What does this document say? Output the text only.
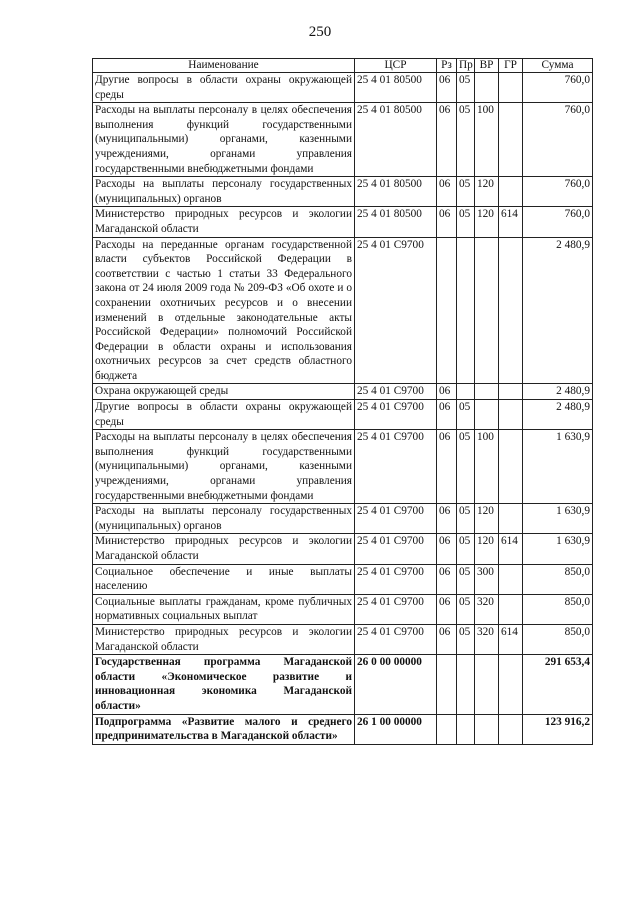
250
Наименование	ЦСР	Рз	Пр	ВР	ГР	Сумма
Другие вопросы в области охраны окружающей среды	25 4 01 80500	06	05			760,0
Расходы на выплаты персоналу в целях обеспечения выполнения функций государственными (муниципальными) органами, казенными учреждениями, органами управления государственными внебюджетными фондами	25 4 01 80500	06	05	100		760,0
Расходы на выплаты персоналу государственных (муниципальных) органов	25 4 01 80500	06	05	120		760,0
Министерство природных ресурсов и экологии Магаданской области	25 4 01 80500	06	05	120	614	760,0
Расходы на переданные органам государственной власти субъектов Российской Федерации в соответствии с частью 1 статьи 33 Федерального закона от 24 июля 2009 года № 209-ФЗ «Об охоте и о сохранении охотничьих ресурсов и о внесении изменений в отдельные законодательные акты Российской Федерации» полномочий Российской Федерации в области охраны и использования охотничьих ресурсов за счет средств областного бюджета	25 4 01 С9700					2 480,9
Охрана окружающей среды	25 4 01 С9700	06				2 480,9
Другие вопросы в области охраны окружающей среды	25 4 01 С9700	06	05			2 480,9
Расходы на выплаты персоналу в целях обеспечения выполнения функций государственными (муниципальными) органами, казенными учреждениями, органами управления государственными внебюджетными фондами	25 4 01 С9700	06	05	100		1 630,9
Расходы на выплаты персоналу государственных (муниципальных) органов	25 4 01 С9700	06	05	120		1 630,9
Министерство природных ресурсов и экологии Магаданской области	25 4 01 С9700	06	05	120	614	1 630,9
Социальное обеспечение и иные выплаты населению	25 4 01 С9700	06	05	300		850,0
Социальные выплаты гражданам, кроме публичных нормативных социальных выплат	25 4 01 С9700	06	05	320		850,0
Министерство природных ресурсов и экологии Магаданской области	25 4 01 С9700	06	05	320	614	850,0
Государственная программа Магаданской области «Экономическое развитие и инновационная экономика Магаданской области»	26 0 00 00000					291 653,4
Подпрограмма «Развитие малого и среднего предпринимательства в Магаданской области»	26 1 00 00000					123 916,2
